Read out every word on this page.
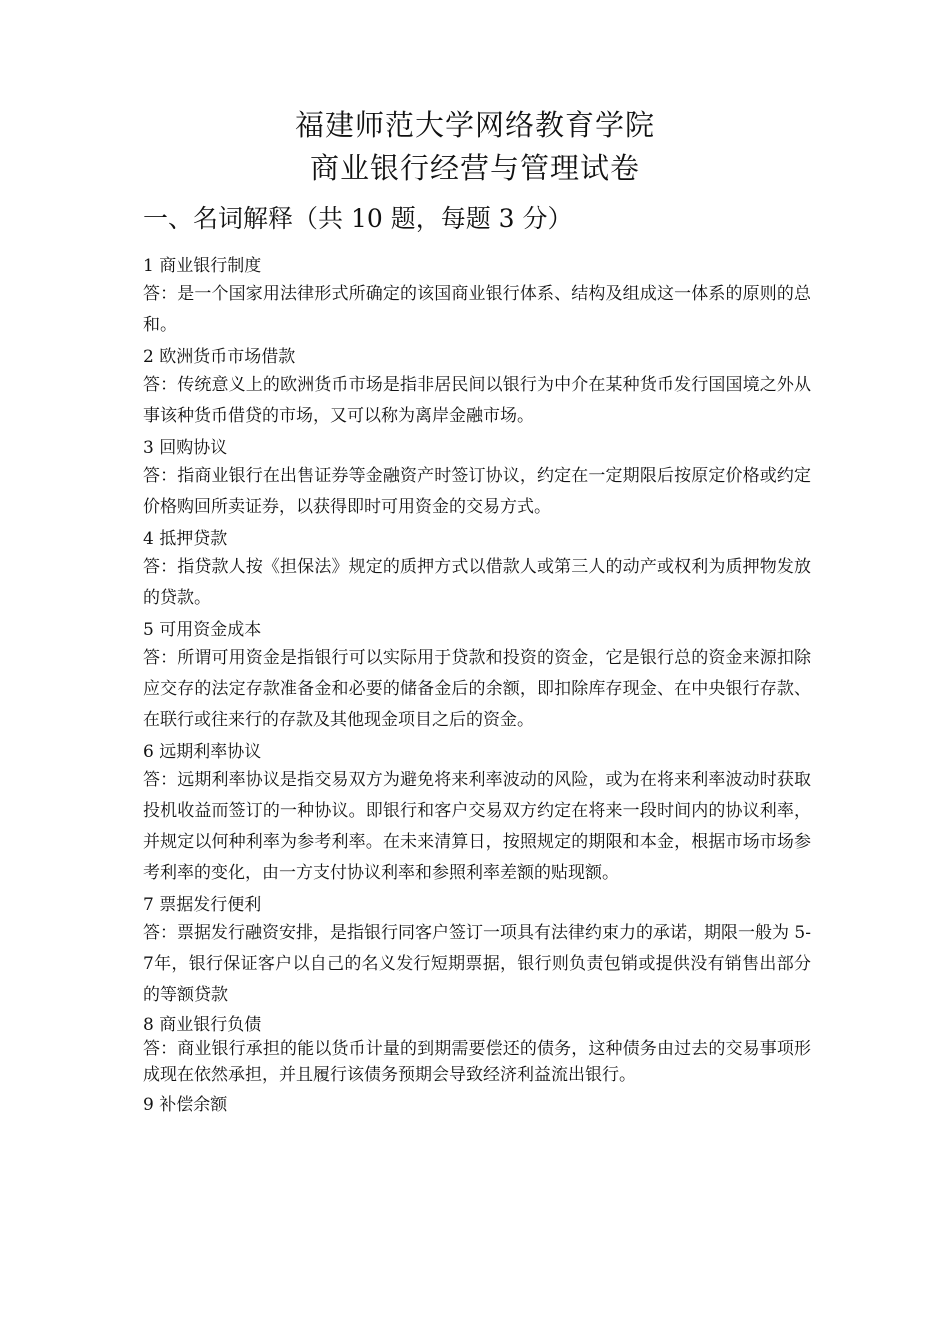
福建师范大学网络教育学院
商业银行经营与管理试卷
一、名词解释（共 10 题，每题 3 分）

1 商业银行制度

答：是一个国家用法律形式所确定的该国商业银行体系、结构及组成这一体系的原则的总和。

2 欧洲货币市场借款

答：传统意义上的欧洲货币市场是指非居民间以银行为中介在某种货币发行国国境之外从事该种货币借贷的市场，又可以称为离岸金融市场。

3 回购协议

答：指商业银行在出售证券等金融资产时签订协议，约定在一定期限后按原定价格或约定价格购回所卖证券，以获得即时可用资金的交易方式。

4 抵押贷款

答：指贷款人按《担保法》规定的质押方式以借款人或第三人的动产或权利为质押物发放的贷款。

5 可用资金成本

答：所谓可用资金是指银行可以实际用于贷款和投资的资金，它是银行总的资金来源扣除应交存的法定存款准备金和必要的储备金后的余额，即扣除库存现金、在中央银行存款、在联行或往来行的存款及其他现金项目之后的资金。

6 远期利率协议

答：远期利率协议是指交易双方为避免将来利率波动的风险，或为在将来利率波动时获取投机收益而签订的一种协议。即银行和客户交易双方约定在将来一段时间内的协议利率，并规定以何种利率为参考利率。在未来清算日，按照规定的期限和本金，根据市场市场参考利率的变化，由一方支付协议利率和参照利率差额的贴现额。

7 票据发行便利

答：票据发行融资安排，是指银行同客户签订一项具有法律约束力的承诺，期限一般为 5-7年，银行保证客户以自己的名义发行短期票据，银行则负责包销或提供没有销售出部分的等额贷款

8 商业银行负债

答：商业银行承担的能以货币计量的到期需要偿还的债务，这种债务由过去的交易事项形成现在依然承担，并且履行该债务预期会导致经济利益流出银行。

9 补偿余额
